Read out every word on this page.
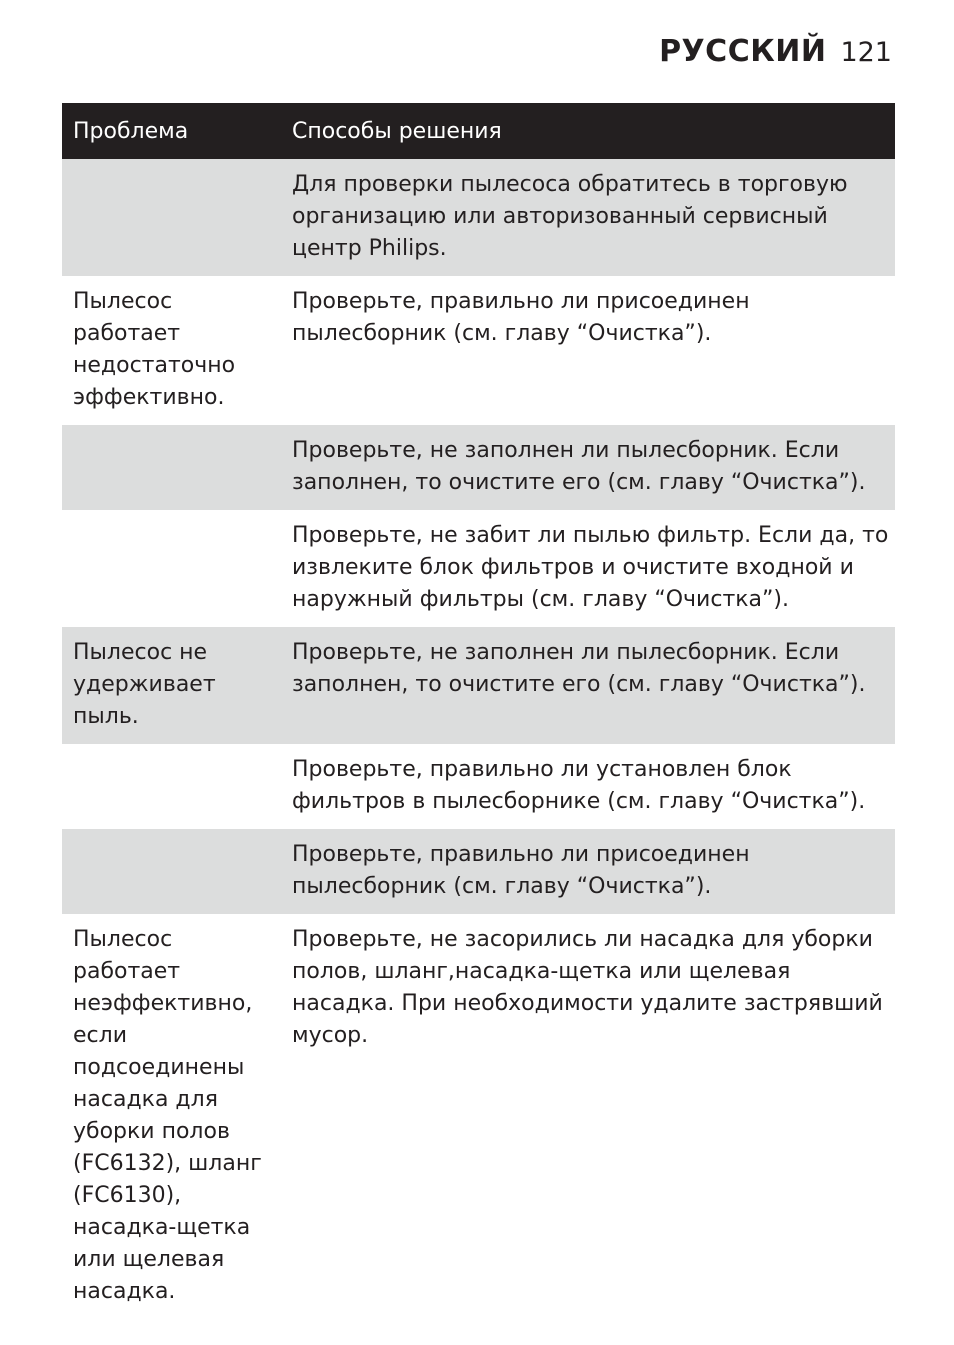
РУССКИЙ 121
Проблема	Способы решения
	Для проверки пылесоса обратитесь в торговую организацию или авторизованный сервисный центр Philips.
Пылесос работает недостаточно эффективно.	Проверьте, правильно ли присоединен пылесборник (см. главу “Очистка”).
	Проверьте, не заполнен ли пылесборник. Если заполнен, то очистите его (см. главу “Очистка”).
	Проверьте, не забит ли пылью фильтр. Если да, то извлеките блок фильтров и очистите входной и наружный фильтры (см. главу “Очистка”).
Пылесос не удерживает пыль.	Проверьте, не заполнен ли пылесборник. Если заполнен, то очистите его (см. главу “Очистка”).
	Проверьте, правильно ли установлен блок фильтров в пылесборнике (см. главу “Очистка”).
	Проверьте, правильно ли присоединен пылесборник (см. главу “Очистка”).
Пылесос работает неэффективно, если подсоединены насадка для уборки полов (FC6132), шланг (FC6130), насадка-щетка или щелевая насадка.	Проверьте, не засорились ли насадка для уборки полов, шланг,насадка-щетка или щелевая насадка. При необходимости удалите застрявший мусор.
